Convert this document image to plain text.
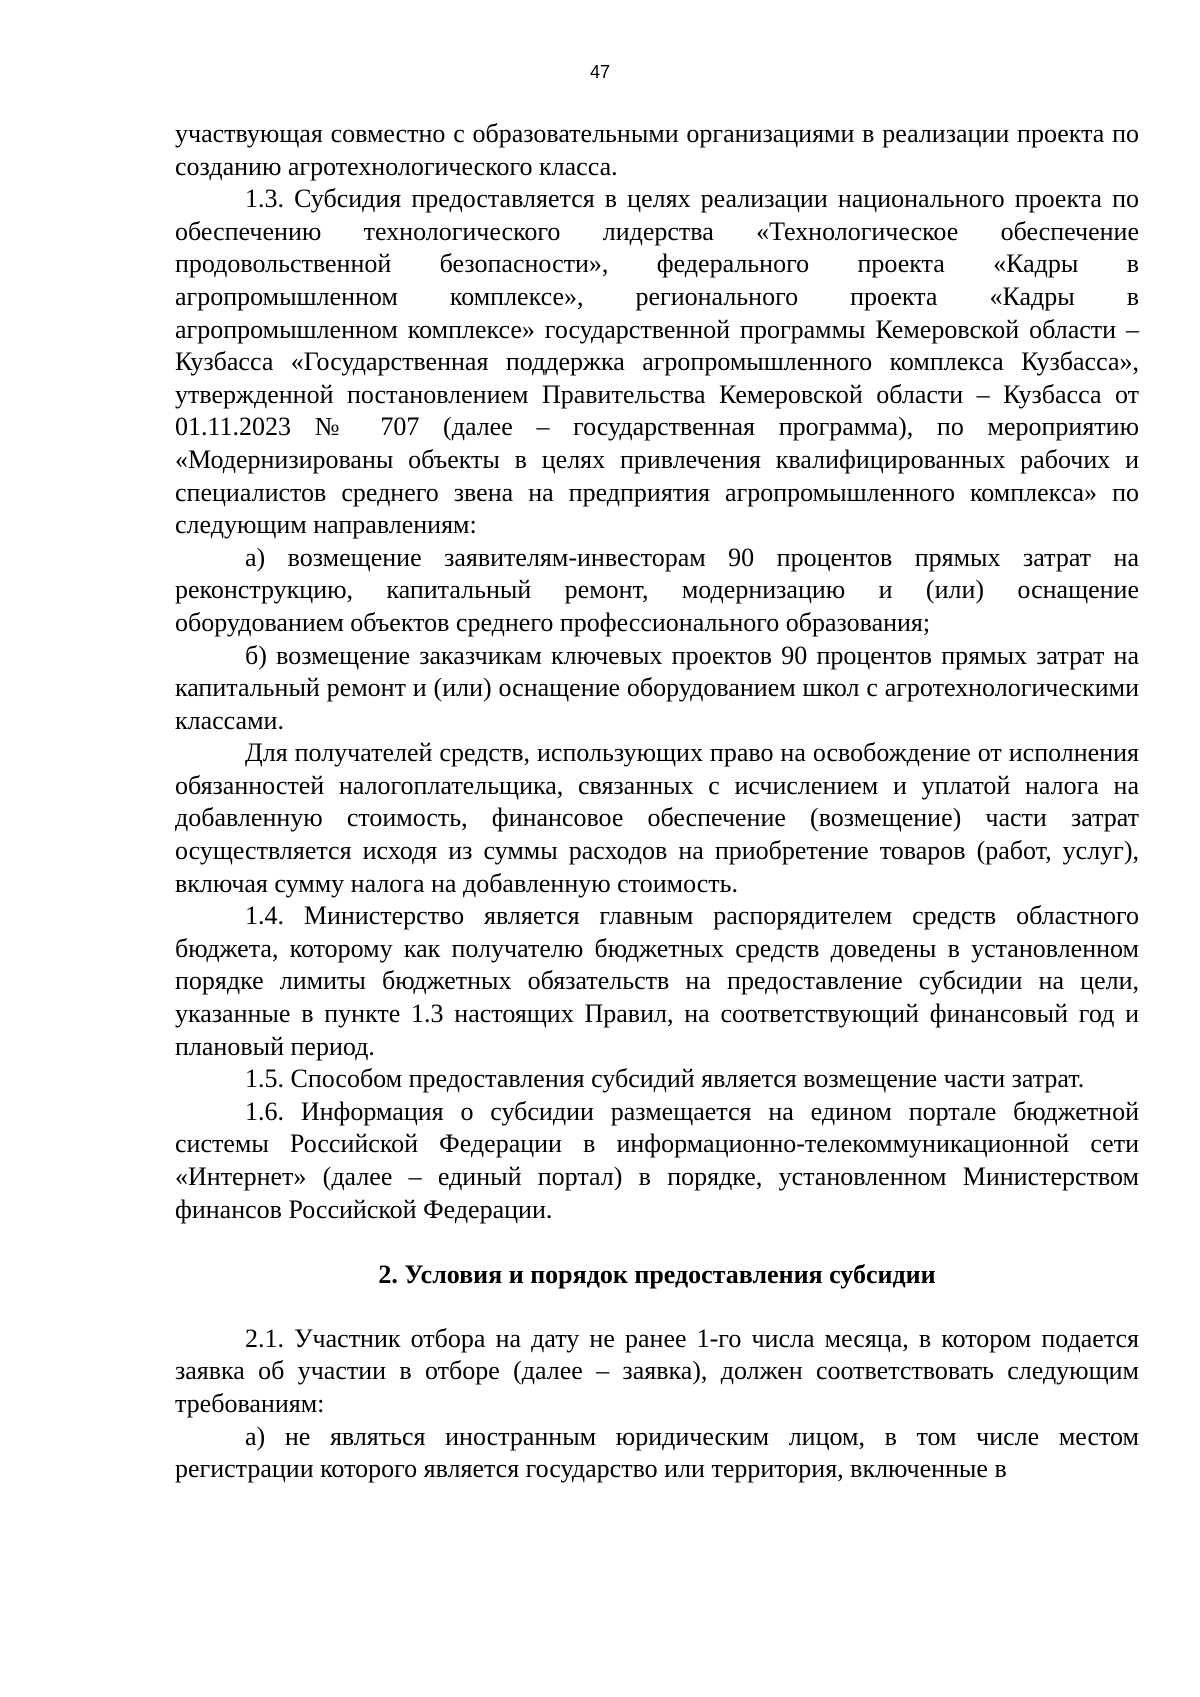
47

участвующая совместно с образовательными организациями в реализации проекта по созданию агротехнологического класса.

1.3. Субсидия предоставляется в целях реализации национального проекта по обеспечению технологического лидерства «Технологическое обеспечение продовольственной безопасности», федерального проекта «Кадры в агропромышленном комплексе», регионального проекта «Кадры в агропромышленном комплексе» государственной программы Кемеровской области – Кузбасса «Государственная поддержка агропромышленного комплекса Кузбасса», утвержденной постановлением Правительства Кемеровской области – Кузбасса от 01.11.2023 № 707 (далее – государственная программа), по мероприятию «Модернизированы объекты в целях привлечения квалифицированных рабочих и специалистов среднего звена на предприятия агропромышленного комплекса» по следующим направлениям:

а) возмещение заявителям-инвесторам 90 процентов прямых затрат на реконструкцию, капитальный ремонт, модернизацию и (или) оснащение оборудованием объектов среднего профессионального образования;

б) возмещение заказчикам ключевых проектов 90 процентов прямых затрат на капитальный ремонт и (или) оснащение оборудованием школ с агротехнологическими классами.

Для получателей средств, использующих право на освобождение от исполнения обязанностей налогоплательщика, связанных с исчислением и уплатой налога на добавленную стоимость, финансовое обеспечение (возмещение) части затрат осуществляется исходя из суммы расходов на приобретение товаров (работ, услуг), включая сумму налога на добавленную стоимость.

1.4. Министерство является главным распорядителем средств областного бюджета, которому как получателю бюджетных средств доведены в установленном порядке лимиты бюджетных обязательств на предоставление субсидии на цели, указанные в пункте 1.3 настоящих Правил, на соответствующий финансовый год и плановый период.

1.5. Способом предоставления субсидий является возмещение части затрат.

1.6. Информация о субсидии размещается на едином портале бюджетной системы Российской Федерации в информационно-телекоммуникационной сети «Интернет» (далее – единый портал) в порядке, установленном Министерством финансов Российской Федерации.

2. Условия и порядок предоставления субсидии

2.1. Участник отбора на дату не ранее 1-го числа месяца, в котором подается заявка об участии в отборе (далее – заявка), должен соответствовать следующим требованиям:

а) не являться иностранным юридическим лицом, в том числе местом регистрации которого является государство или территория, включенные в
